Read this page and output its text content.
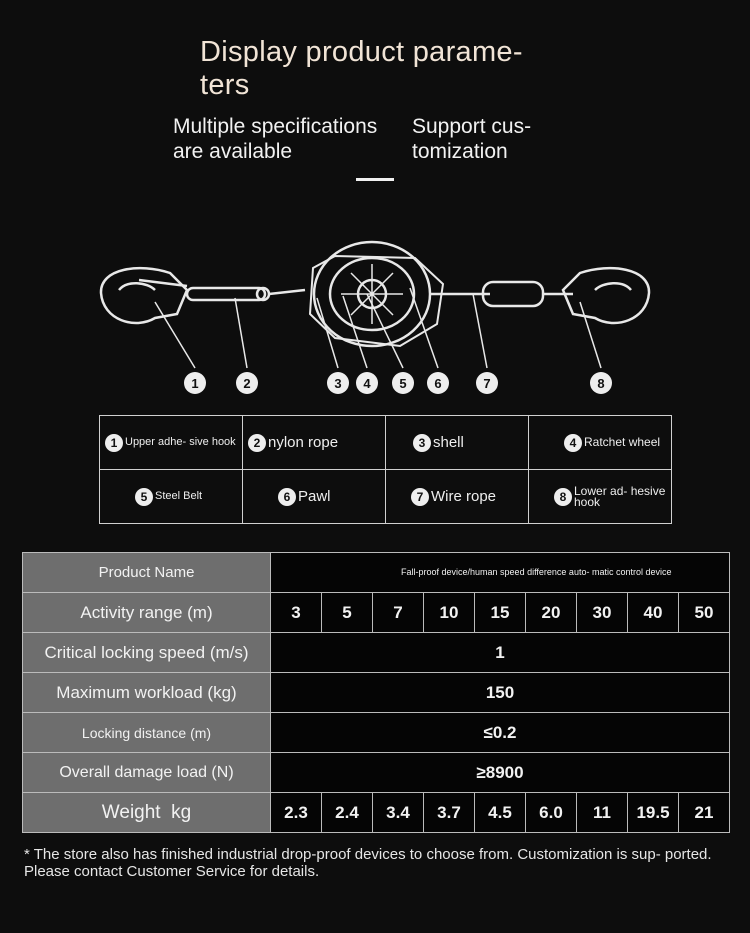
Display product parame- ters
Multiple specifications are available
Support cus- tomization
1	2	3 4 5 6	7	8
1 Upper adhe- sive hook	2 nylon rope	3 shell	4 Ratchet wheel

5 Steel Belt	6 Pawl	7 Wire rope	8 Lower ad- hesive hook
Product Name	Fall-proof device/human speed difference auto- matic control device								
Activity range (m)	3	5	7	10	15	20	30	40	50
Critical locking speed (m/s)	1								
Maximum workload (kg)	150								
Locking distance (m)	≤0.2								
Overall damage load (N)	≥8900								
Weight  kg	2.3	2.4	3.4	3.7	4.5	6.0	11	19.5	21
* The store also has finished industrial drop-proof devices to choose from. Customization is sup- ported. Please contact Customer Service for details.
